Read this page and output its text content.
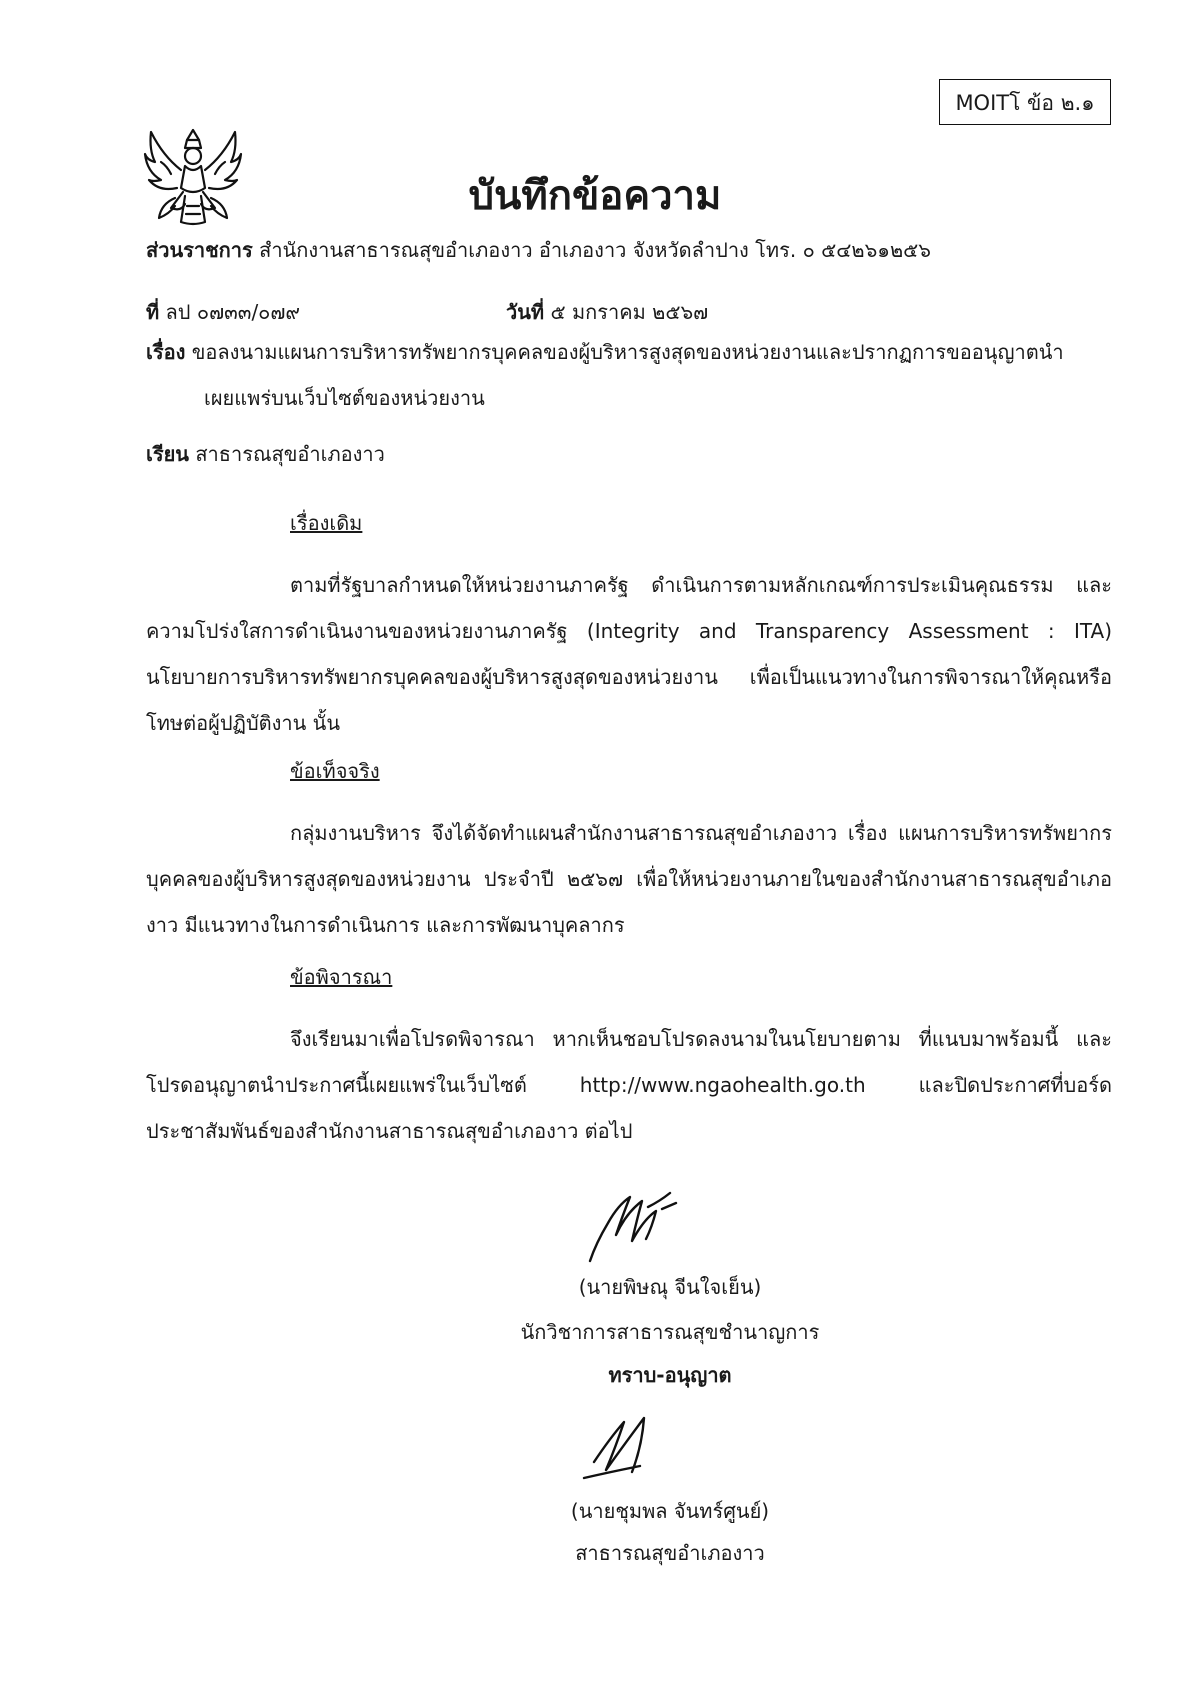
MOITโ ข้อ ๒.๑
บันทึกข้อความ
ส่วนราชการ สำนักงานสาธารณสุขอำเภองาว อำเภองาว จังหวัดลำปาง โทร. ๐ ๕๔๒๖๑๒๕๖
ที่ ลป ๐๗๓๓/๐๗๙	วันที่ ๕ มกราคม ๒๕๖๗
เรื่อง ขอลงนามแผนการบริหารทรัพยากรบุคคลของผู้บริหารสูงสุดของหน่วยงานและปรากฏการขออนุญาตนำ
เผยแพร่บนเว็บไซต์ของหน่วยงาน
เรียน สาธารณสุขอำเภองาว
เรื่องเดิม

ตามที่รัฐบาลกำหนดให้หน่วยงานภาครัฐ ดำเนินการตามหลักเกณฑ์การประเมินคุณธรรม และความโปร่งใสการดำเนินงานของหน่วยงานภาครัฐ (Integrity and Transparency Assessment : ITA) นโยบายการบริหารทรัพยากรบุคคลของผู้บริหารสูงสุดของหน่วยงาน เพื่อเป็นแนวทางในการพิจารณาให้คุณหรือโทษต่อผู้ปฏิบัติงาน นั้น

ข้อเท็จจริง

กลุ่มงานบริหาร จึงได้จัดทำแผนสำนักงานสาธารณสุขอำเภองาว เรื่อง แผนการบริหารทรัพยากรบุคคลของผู้บริหารสูงสุดของหน่วยงาน ประจำปี ๒๕๖๗ เพื่อให้หน่วยงานภายในของสำนักงานสาธารณสุขอำเภองาว มีแนวทางในการดำเนินการ และการพัฒนาบุคลากร

ข้อพิจารณา

จึงเรียนมาเพื่อโปรดพิจารณา หากเห็นชอบโปรดลงนามในนโยบายตาม ที่แนบมาพร้อมนี้ และโปรดอนุญาตนำประกาศนี้เผยแพร่ในเว็บไซต์ http://www.ngaohealth.go.th และปิดประกาศที่บอร์ดประชาสัมพันธ์ของสำนักงานสาธารณสุขอำเภองาว ต่อไป

(นายพิษณุ จีนใจเย็น)
นักวิชาการสาธารณสุขชำนาญการ
ทราบ-อนุญาต
(นายชุมพล จันทร์ศูนย์)
สาธารณสุขอำเภองาว
